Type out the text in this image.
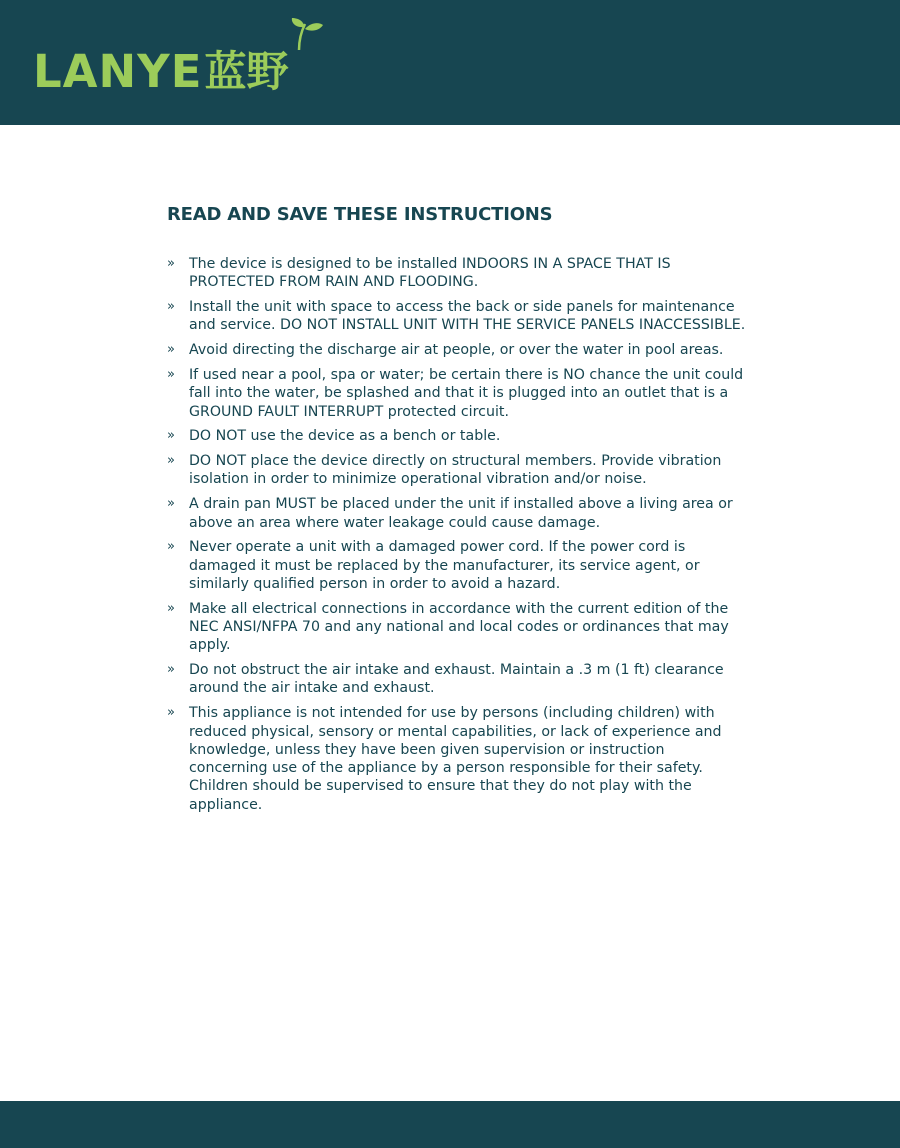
LANYE 蓝野
READ AND SAVE THESE INSTRUCTIONS
» The device is designed to be installed INDOORS IN A SPACE THAT IS PROTECTED FROM RAIN AND FLOODING.
» Install the unit with space to access the back or side panels for maintenance and service. DO NOT INSTALL UNIT WITH THE SERVICE PANELS INACCESSIBLE.
» Avoid directing the discharge air at people, or over the water in pool areas.
» If used near a pool, spa or water; be certain there is NO chance the unit could fall into the water, be splashed and that it is plugged into an outlet that is a GROUND FAULT INTERRUPT protected circuit.
» DO NOT use the device as a bench or table.
» DO NOT place the device directly on structural members. Provide vibration isolation in order to minimize operational vibration and/or noise.
» A drain pan MUST be placed under the unit if installed above a living area or above an area where water leakage could cause damage.
» Never operate a unit with a damaged power cord. If the power cord is damaged it must be replaced by the manufacturer, its service agent, or similarly qualified person in order to avoid a hazard.
» Make all electrical connections in accordance with the current edition of the NEC ANSI/NFPA 70 and any national and local codes or ordinances that may apply.
» Do not obstruct the air intake and exhaust. Maintain a .3 m (1 ft) clearance around the air intake and exhaust.
» This appliance is not intended for use by persons (including children) with reduced physical, sensory or mental capabilities, or lack of experience and knowledge, unless they have been given supervision or instruction concerning use of the appliance by a person responsible for their safety. Children should be supervised to ensure that they do not play with the appliance.
